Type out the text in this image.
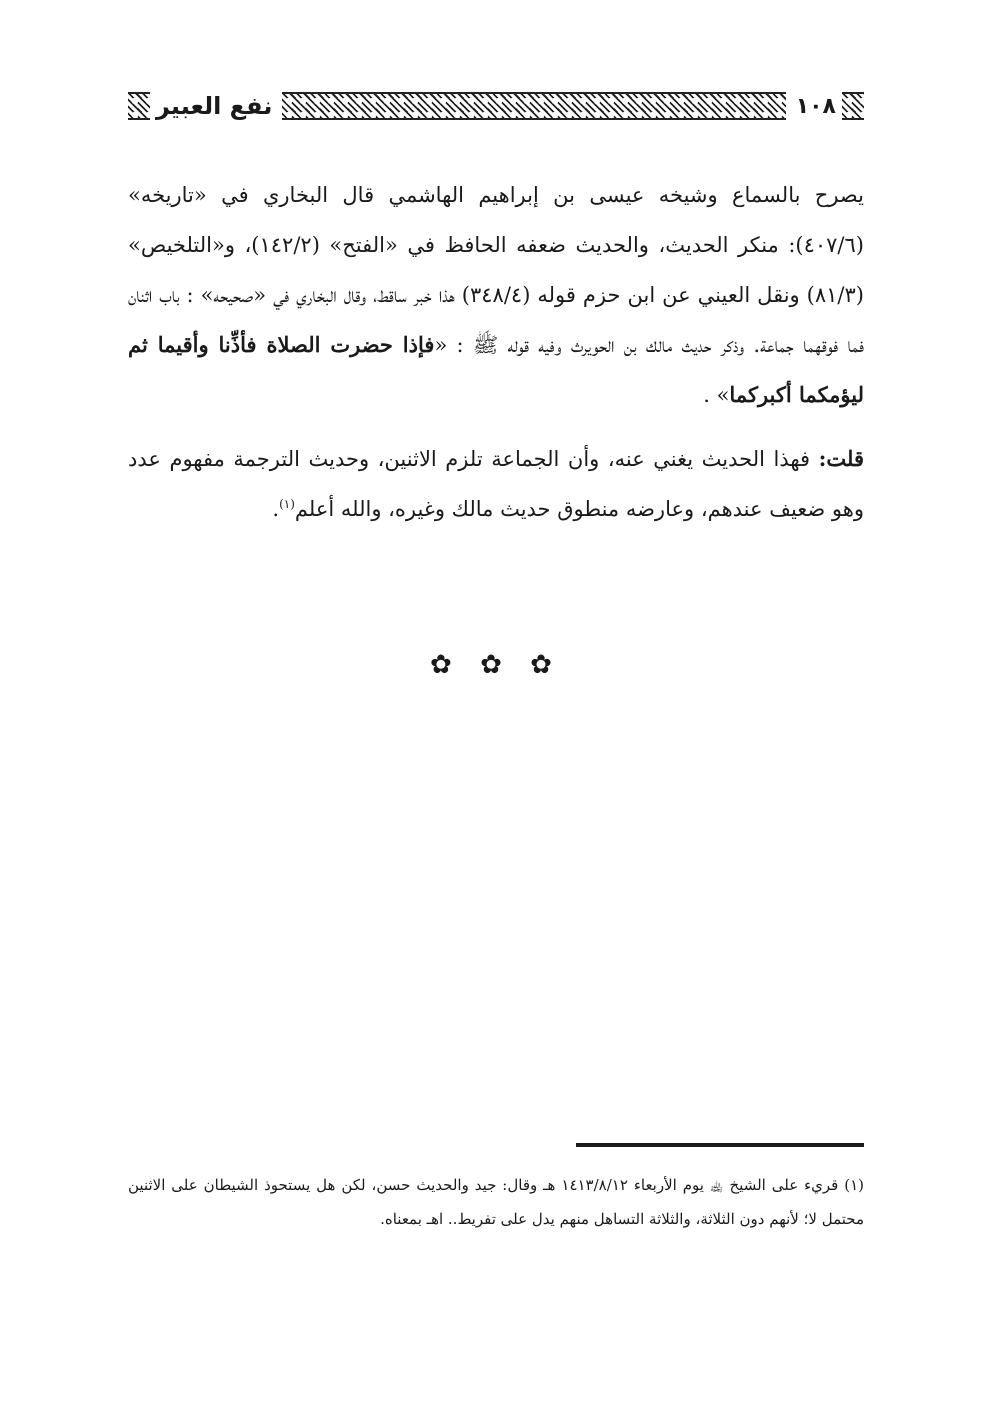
١٠٨
نفع العبير

يصرح بالسماع وشيخه عيسى بن إبراهيم الهاشمي قال البخاري في «تاريخه» (٤٠٧/٦): منكر الحديث، والحديث ضعفه الحافظ في «الفتح» (١٤٢/٢)، و«التلخيص» (٨١/٣) ونقل العيني عن ابن حزم قوله (٣٤٨/٤) هذا خبر ساقط، وقال البخاري في «صحيحه» : باب اثنان فما فوقهما جماعة. وذكر حديث مالك بن الحويرث وفيه قوله ﷺ : «فإذا حضرت الصلاة فأذِّنا وأقيما ثم ليؤمكما أكبركما» .

قلت: فهذا الحديث يغني عنه، وأن الجماعة تلزم الاثنين، وحديث الترجمة مفهوم عدد وهو ضعيف عندهم، وعارضه منطوق حديث مالك وغيره، والله أعلم$^{(١)}$.

✿ ✿ ✿

(١) قريء على الشيخ ﵀ يوم الأربعاء ١٤١٣/٨/١٢ هـ وقال: جيد والحديث حسن، لكن هل يستحوذ الشيطان على الاثنين محتمل لا؛ لأنهم دون الثلاثة، والثلاثة التساهل منهم يدل على تفريط.. اهـ بمعناه.
